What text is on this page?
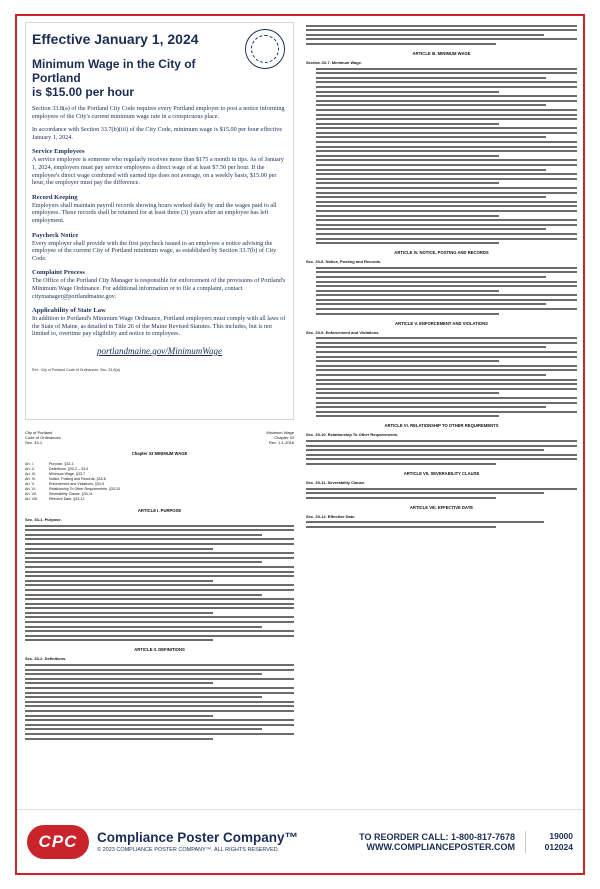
Effective January 1, 2024
Minimum Wage in the City of Portland
is $15.00 per hour

Section 33.8(a) of the Portland City Code requires every Portland employer to post a notice informing employees of the City's current minimum wage rate in a conspicuous place.

In accordance with Section 33.7(b)(iii) of the City Code, minimum wage is $15.00 per hour effective January 1, 2024.

Service Employees

A service employee is someone who regularly receives more than $175 a month in tips. As of January 1, 2024, employers must pay service employees a direct wage of at least $7.50 per hour. If the employee's direct wage combined with earned tips does not average, on a weekly basis, $15.00 per hour, the employer must pay the difference.

Record Keeping

Employers shall maintain payroll records showing hours worked daily by and the wages paid to all employees. These records shall be retained for at least three (3) years after an employee has left employment.

Paycheck Notice

Every employer shall provide with the first paycheck issued to an employee a notice advising the employee of the current City of Portland minimum wage, as established by Section 33.7(b) of City Code.

Complaint Process

The Office of the Portland City Manager is responsible for enforcement of the provisions of Portland's Minimum Wage Ordinance. For additional information or to file a complaint, contact citymanager@portlandmaine.gov.

Applicability of State Law

In addition to Portland's Minimum Wage Ordinance, Portland employers must comply with all laws of the State of Maine, as detailed in Title 26 of the Maine Revised Statutes. This includes, but is not limited to, overtime pay eligibility and notice to employees.

portlandmaine.gov/MinimumWage
Ref.: City of Portland Code of Ordinances, Sec. 33-8(a)
City of Portland
Code of Ordinances
Sec. 33-1
Minimum Wage
Chapter 33
Rev. 1-1-2016
Chapter 33 MINIMUM WAGE
Art. I.	Purpose, §33-1
Art. II.	Definitions, §33-2 – 33-4
Art. III.	Minimum Wage, §33-7
Art. IV.	Notice, Posting and Records, §33-8
Art. V.	Enforcement and Violations, §33-9
Art. VI.	Relationship To Other Requirements, §33-10
Art. VII.	Severability Clause, §33-11
Art. VIII.	Effective Date, §33-12
ARTICLE I. PURPOSE
Sec. 33-1. Purpose.
ARTICLE II. DEFINITIONS
Sec. 33-2. Definitions.
ARTICLE III. MINIMUM WAGE
Section 33-7. Minimum Wage.
ARTICLE IV. NOTICE, POSTING AND RECORDS
Sec. 33-8. Notice, Posting and Records.
ARTICLE V. ENFORCEMENT AND VIOLATIONS
Sec. 33-9. Enforcement and Violations.
ARTICLE VI. RELATIONSHIP TO OTHER REQUIREMENTS
Sec. 33-10. Relationship To Other Requirements.
ARTICLE VII. SEVERABILITY CLAUSE
Sec. 33-11. Severability Clause.
ARTICLE VIII. EFFECTIVE DATE
Sec. 33-12. Effective Date.
CPC Compliance Poster Company™
© 2023 COMPLIANCE POSTER COMPANY™. ALL RIGHTS RESERVED.
TO REORDER CALL: 1-800-817-7678
WWW.COMPLIANCEPOSTER.COM
19000
012024
